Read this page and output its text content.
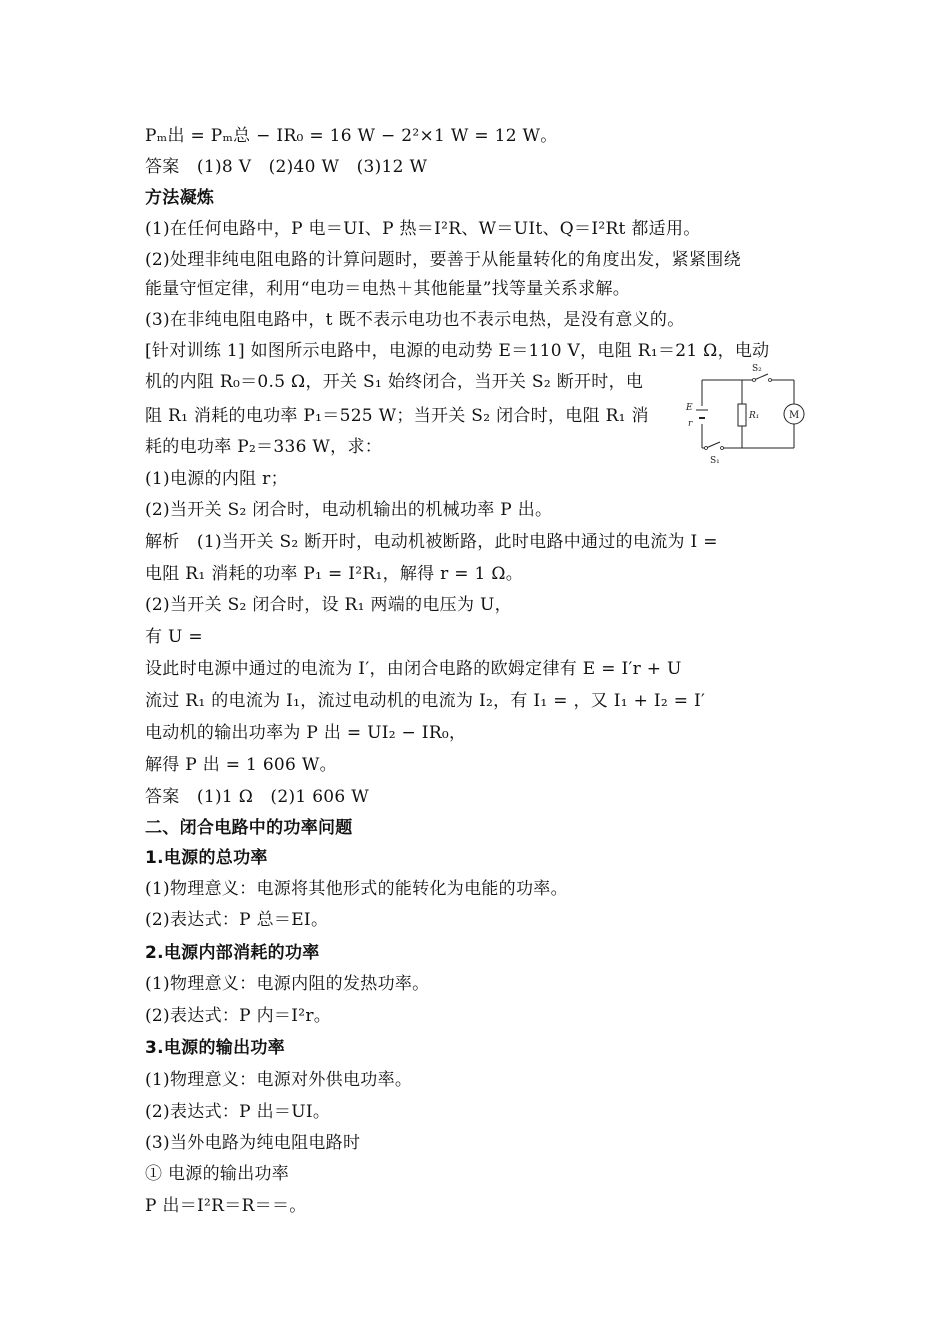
Pₘ出 = Pₘ总 − IR₀ = 16 W − 2²×1 W = 12 W。
答案　(1)8 V　(2)40 W　(3)12 W
方法凝炼
(1)在任何电路中，P 电＝UI、P 热＝I²R、W＝UIt、Q＝I²Rt 都适用。
(2)处理非纯电阻电路的计算问题时，要善于从能量转化的角度出发，紧紧围绕
能量守恒定律，利用“电功＝电热＋其他能量”找等量关系求解。
(3)在非纯电阻电路中，t 既不表示电功也不表示电热，是没有意义的。
[针对训练 1] 如图所示电路中，电源的电动势 E＝110 V，电阻 R₁＝21 Ω，电动
机的内阻 R₀＝0.5 Ω，开关 S₁ 始终闭合，当开关 S₂ 断开时，电
阻 R₁ 消耗的电功率 P₁＝525 W；当开关 S₂ 闭合时，电阻 R₁ 消
耗的电功率 P₂＝336 W，求：
(1)电源的内阻 r；
(2)当开关 S₂ 闭合时，电动机输出的机械功率 P 出。
解析　(1)当开关 S₂ 断开时，电动机被断路，此时电路中通过的电流为 I =
电阻 R₁ 消耗的功率 P₁ = I²R₁，解得 r = 1 Ω。
(2)当开关 S₂ 闭合时，设 R₁ 两端的电压为 U，
有 U =
设此时电源中通过的电流为 I′，由闭合电路的欧姆定律有 E = I′r + U
流过 R₁ 的电流为 I₁，流过电动机的电流为 I₂，有 I₁ = ，又 I₁ + I₂ = I′
电动机的输出功率为 P 出 = UI₂ − IR₀，
解得 P 出 = 1 606 W。
答案　(1)1 Ω　(2)1 606 W
二、闭合电路中的功率问题
1.电源的总功率
(1)物理意义：电源将其他形式的能转化为电能的功率。
(2)表达式：P 总＝EI。
2.电源内部消耗的功率
(1)物理意义：电源内阻的发热功率。
(2)表达式：P 内＝I²r。
3.电源的输出功率
(1)物理意义：电源对外供电功率。
(2)表达式：P 出＝UI。
(3)当外电路为纯电阻电路时
① 电源的输出功率
P 出＝I²R＝R＝＝。
S₂
S₁
E
r
R₁	M
